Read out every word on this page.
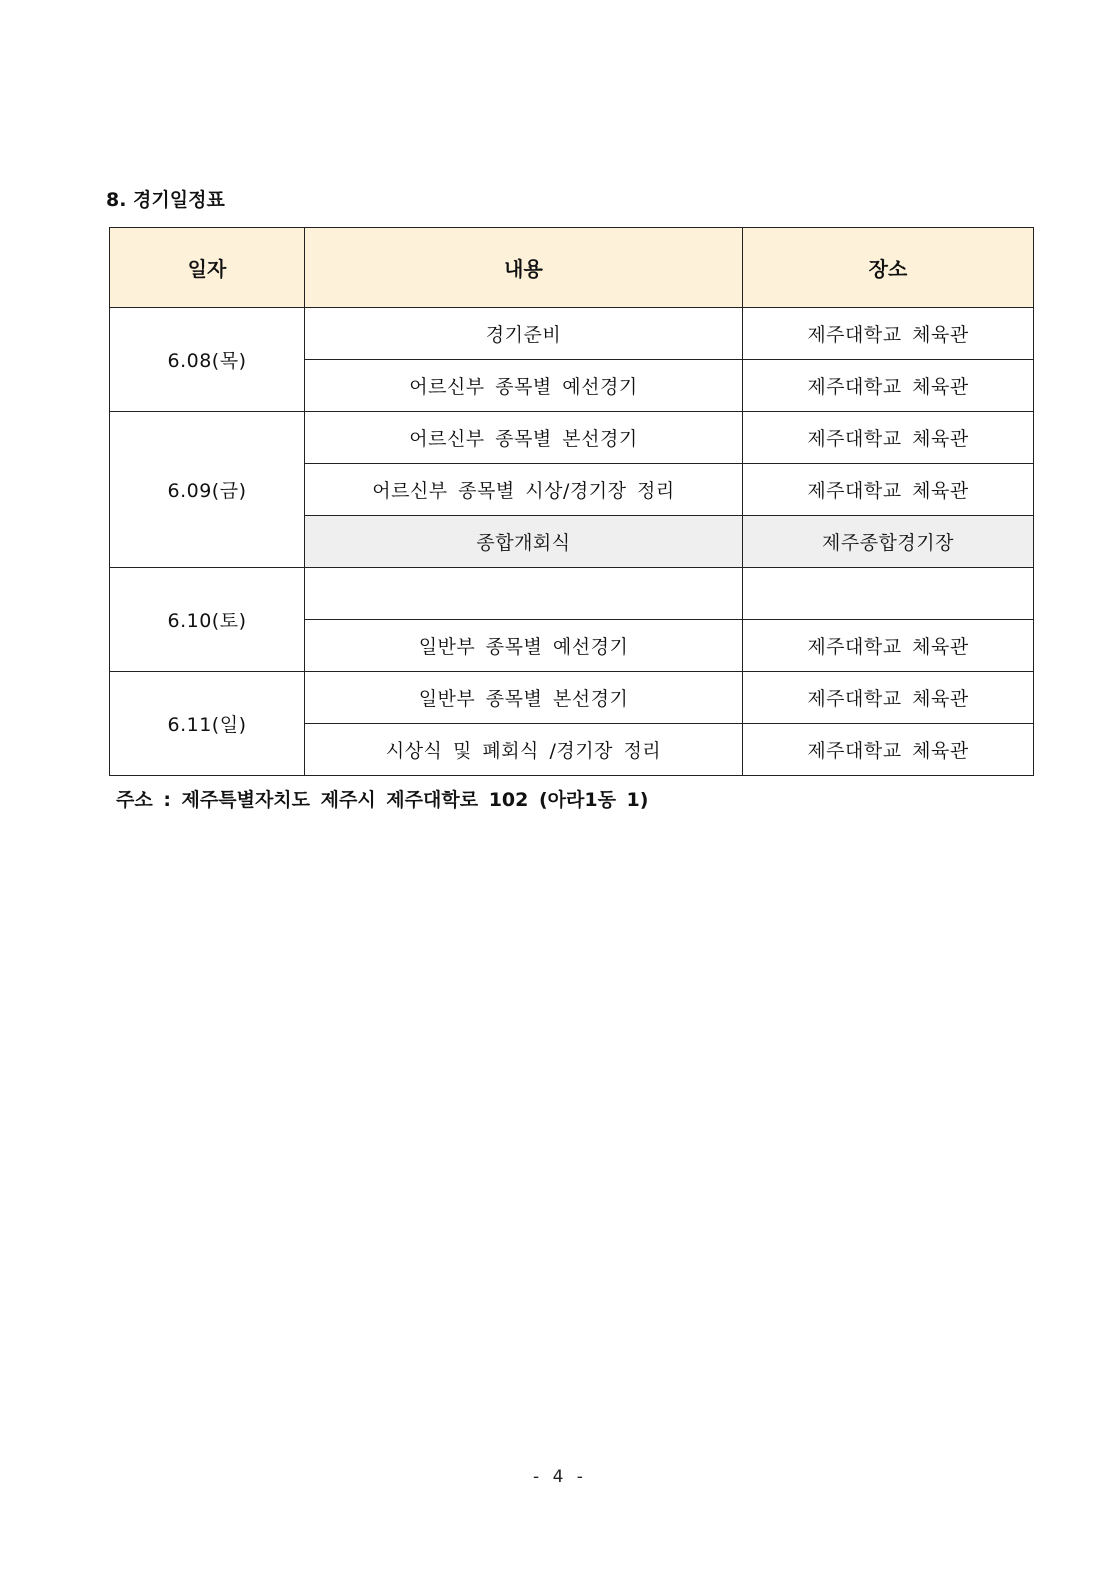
8. 경기일정표
일자	내용	장소
6.08(목)	경기준비	제주대학교 체육관
	어르신부 종목별 예선경기	제주대학교 체육관
6.09(금)	어르신부 종목별 본선경기	제주대학교 체육관
	어르신부 종목별 시상/경기장 정리	제주대학교 체육관
	종합개회식	제주종합경기장
6.10(토)		
	일반부 종목별 예선경기	제주대학교 체육관
6.11(일)	일반부 종목별 본선경기	제주대학교 체육관
	시상식 및 폐회식 /경기장 정리	제주대학교 체육관
주소 : 제주특별자치도 제주시 제주대학로 102 (아라1동 1)
- 4 -
